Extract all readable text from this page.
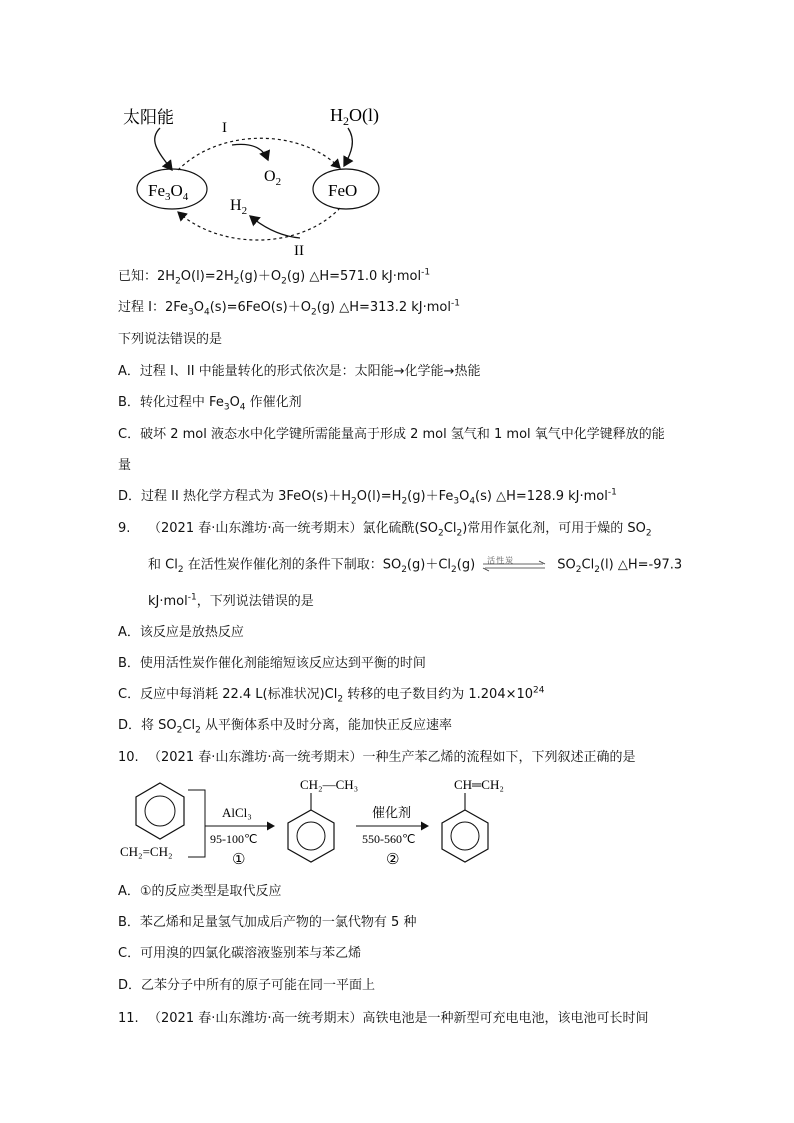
太阳能	I
$Fe_3O_4$	FeO
$H_2O(l)$
$O_2$
$H_2$
II
已知：$2H_2O(l)=2H_2(g)+O_2(g)$ △H=571.0 kJ·mol$^{-1}$
过程 I：$2Fe_3O_4(s)=6FeO(s)+O_2(g)$ △H=313.2 kJ·mol$^{-1}$
下列说法错误的是
A．过程 I、II 中能量转化的形式依次是：太阳能→化学能→热能
B．转化过程中 $Fe_3O_4$ 作催化剂
C．破坏 2 mol 液态水中化学键所需能量高于形成 2 mol 氢气和 1 mol 氧气中化学键释放的能
量
D．过程 II 热化学方程式为 $3FeO(s)+H_2O(l)=H_2(g)+Fe_3O_4(s)$ △H=128.9 kJ·mol$^{-1}$
9. （2021 春·山东潍坊·高一统考期末）氯化硫酰$(SO_2Cl_2)$常用作氯化剂，可用于燥的 $SO_2$
和 $Cl_2$ 在活性炭作催化剂的条件下制取：$SO_2(g)+Cl_2(g)$ 活性炭	$SO_2Cl_2(l)$ △H=-97.3
kJ·mol$^{-1}$，下列说法错误的是
A．该反应是放热反应
B．使用活性炭作催化剂能缩短该反应达到平衡的时间
C．反应中每消耗 22.4 L(标准状况)$Cl_2$ 转移的电子数目约为 $1.204\times 10^{24}$
D．将 $SO_2Cl_2$ 从平衡体系中及时分离，能加快正反应速率
10. （2021 春·山东潍坊·高一统考期末）一种生产苯乙烯的流程如下，下列叙述正确的是
CH₂=CH₂
AlCl₃
95-100℃
①
CH₂—CH₃
催化剂
550-560℃
②
CH═CH₂
A．①的反应类型是取代反应
B．苯乙烯和足量氢气加成后产物的一氯代物有 5 种
C．可用溴的四氯化碳溶液鉴别苯与苯乙烯
D．乙苯分子中所有的原子可能在同一平面上
11. （2021 春·山东潍坊·高一统考期末）高铁电池是一种新型可充电电池，该电池可长时间
